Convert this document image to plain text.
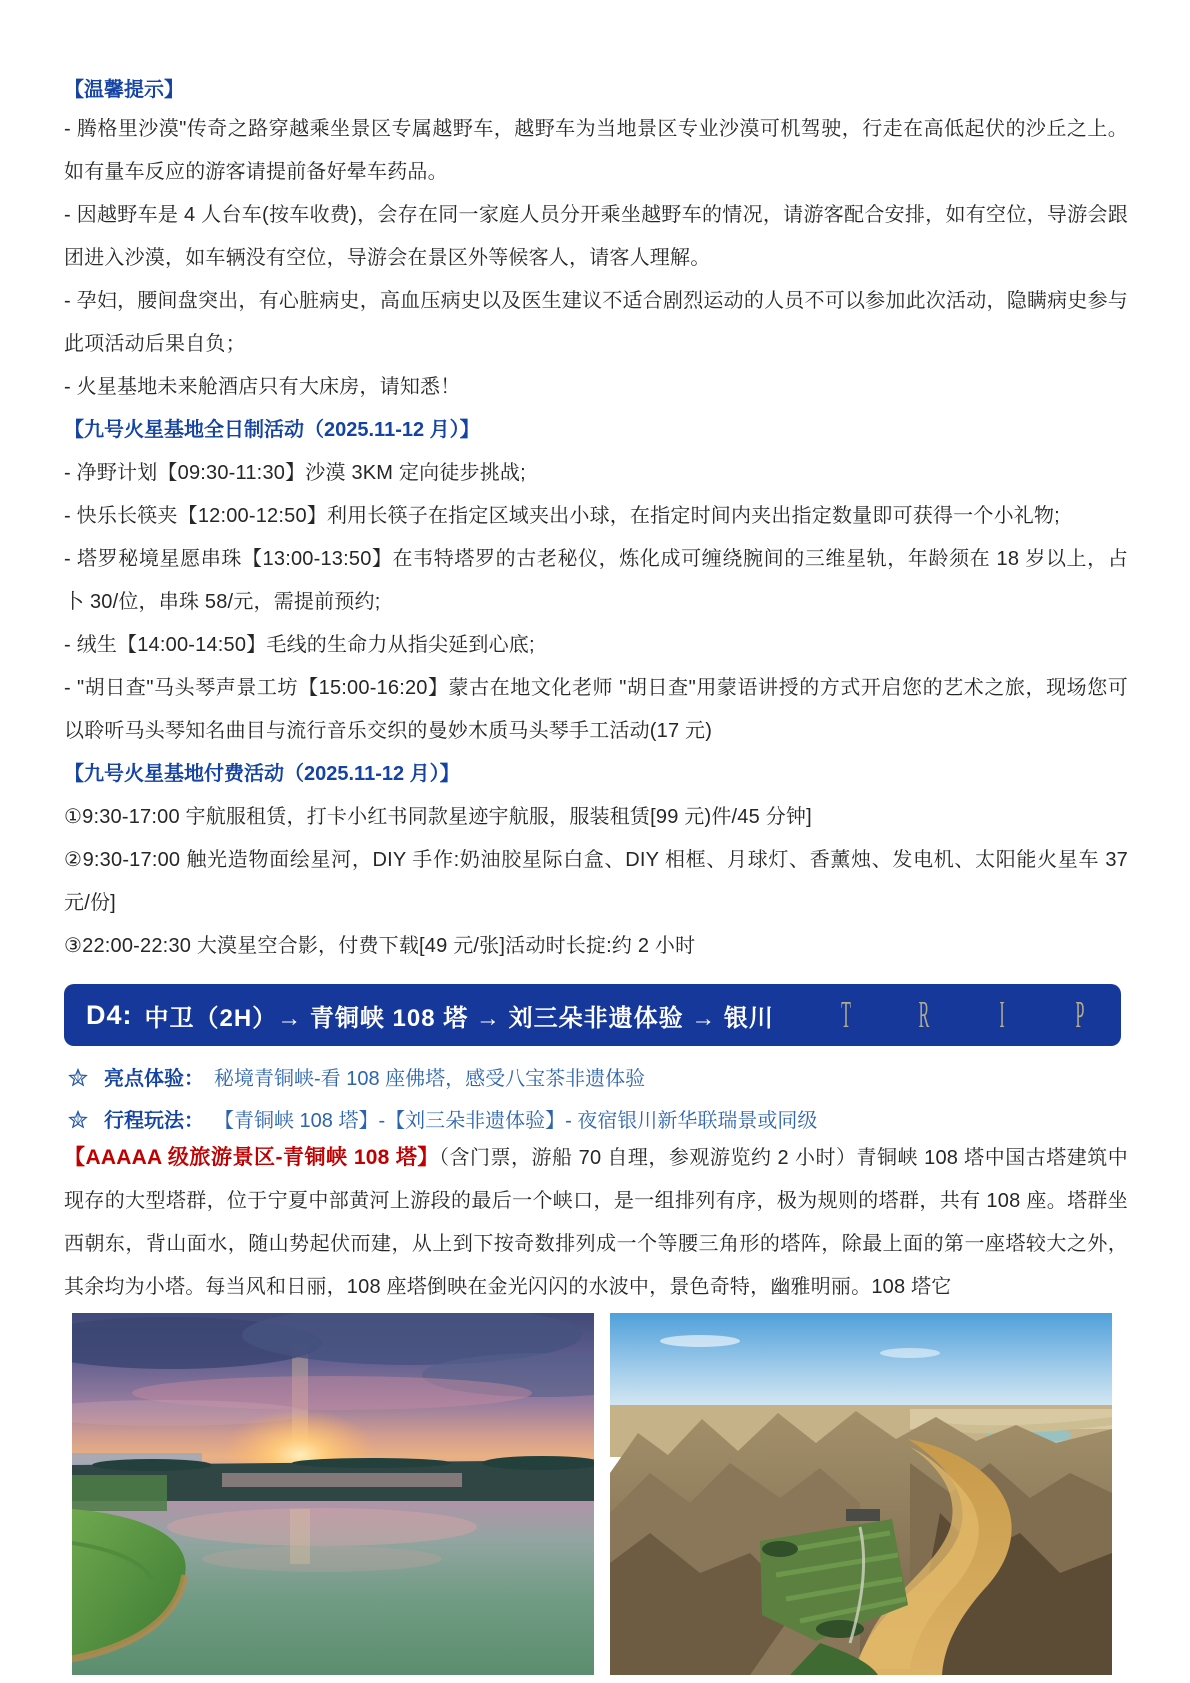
【温馨提示】

- 腾格里沙漠"传奇之路穿越乘坐景区专属越野车，越野车为当地景区专业沙漠可机驾驶，行走在高低起伏的沙丘之上。如有量车反应的游客请提前备好晕车药品。

- 因越野车是 4 人台车(按车收费)，会存在同一家庭人员分开乘坐越野车的情况，请游客配合安排，如有空位，导游会跟团进入沙漠，如车辆没有空位，导游会在景区外等候客人，请客人理解。

- 孕妇，腰间盘突出，有心脏病史，高血压病史以及医生建议不适合剧烈运动的人员不可以参加此次活动，隐瞒病史参与此项活动后果自负；

- 火星基地未来舱酒店只有大床房，请知悉！

【九号火星基地全日制活动（2025.11-12 月）】

- 净野计划【09:30-11:30】沙漠 3KM 定向徒步挑战;

- 快乐长筷夹【12:00-12:50】利用长筷子在指定区域夹出小球，在指定时间内夹出指定数量即可获得一个小礼物;

- 塔罗秘境星愿串珠【13:00-13:50】在韦特塔罗的古老秘仪，炼化成可缠绕腕间的三维星轨，年龄须在 18 岁以上，占卜 30/位，串珠 58/元，需提前预约;

- 绒生【14:00-14:50】毛线的生命力从指尖延到心底;

- "胡日查"马头琴声景工坊【15:00-16:20】蒙古在地文化老师 "胡日查"用蒙语讲授的方式开启您的艺术之旅，现场您可以聆听马头琴知名曲目与流行音乐交织的曼妙木质马头琴手工活动(17 元)

【九号火星基地付费活动（2025.11-12 月）】

①9:30-17:00 宇航服租赁，打卡小红书同款星迹宇航服，服装租赁[99 元)件/45 分钟]

②9:30-17:00 触光造物面绘星河，DIY 手作:奶油胶星际白盒、DIY 相框、月球灯、香薰烛、发电机、太阳能火星车 37 元/份]

③22:00-22:30 大漠星空合影，付费下载[49 元/张]活动时长掟:约 2 小时

D4: 中卫（2H）→ 青铜峡 108 塔 → 刘三朵非遗体验 → 银川 T R I P
亮点体验： 秘境青铜峡-看 108 座佛塔，感受八宝茶非遗体验
行程玩法： 【青铜峡 108 塔】-【刘三朵非遗体验】- 夜宿银川新华联瑞景或同级

【AAAAA 级旅游景区-青铜峡 108 塔】（含门票，游船 70 自理，参观游览约 2 小时）青铜峡 108 塔中国古塔建筑中现存的大型塔群，位于宁夏中部黄河上游段的最后一个峡口，是一组排列有序，极为规则的塔群，共有 108 座。塔群坐西朝东，背山面水，随山势起伏而建，从上到下按奇数排列成一个等腰三角形的塔阵，除最上面的第一座塔较大之外，其余均为小塔。每当风和日丽，108 座塔倒映在金光闪闪的水波中，景色奇特，幽雅明丽。108 塔它
